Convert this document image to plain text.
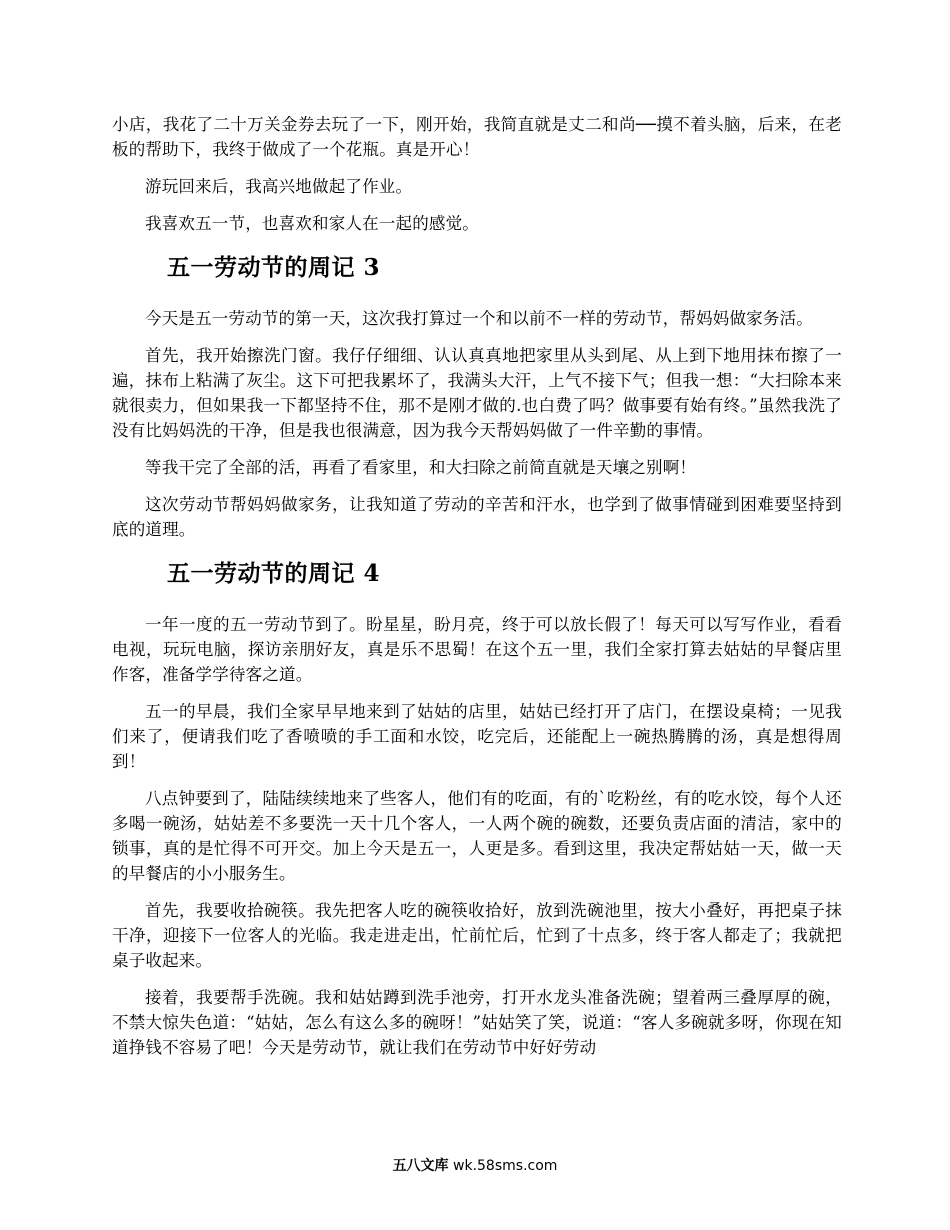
小店，我花了二十万关金券去玩了一下，刚开始，我简直就是丈二和尚──摸不着头脑，后来，在老板的帮助下，我终于做成了一个花瓶。真是开心！

游玩回来后，我高兴地做起了作业。

我喜欢五一节，也喜欢和家人在一起的感觉。

五一劳动节的周记 3

今天是五一劳动节的第一天，这次我打算过一个和以前不一样的劳动节，帮妈妈做家务活。

首先，我开始擦洗门窗。我仔仔细细、认认真真地把家里从头到尾、从上到下地用抹布擦了一遍，抹布上粘满了灰尘。这下可把我累坏了，我满头大汗，上气不接下气；但我一想：“大扫除本来就很卖力，但如果我一下都坚持不住，那不是刚才做的.也白费了吗？做事要有始有终。”虽然我洗了没有比妈妈洗的干净，但是我也很满意，因为我今天帮妈妈做了一件辛勤的事情。

等我干完了全部的活，再看了看家里，和大扫除之前简直就是天壤之别啊！

这次劳动节帮妈妈做家务，让我知道了劳动的辛苦和汗水，也学到了做事情碰到困难要坚持到底的道理。

五一劳动节的周记 4

一年一度的五一劳动节到了。盼星星，盼月亮，终于可以放长假了！每天可以写写作业，看看电视，玩玩电脑，探访亲朋好友，真是乐不思蜀！在这个五一里，我们全家打算去姑姑的早餐店里作客，准备学学待客之道。

五一的早晨，我们全家早早地来到了姑姑的店里，姑姑已经打开了店门，在摆设桌椅；一见我们来了，便请我们吃了香喷喷的手工面和水饺，吃完后，还能配上一碗热腾腾的汤，真是想得周到！

八点钟要到了，陆陆续续地来了些客人，他们有的吃面，有的`吃粉丝，有的吃水饺，每个人还多喝一碗汤，姑姑差不多要洗一天十几个客人，一人两个碗的碗数，还要负责店面的清洁，家中的锁事，真的是忙得不可开交。加上今天是五一，人更是多。看到这里，我决定帮姑姑一天，做一天的早餐店的小小服务生。

首先，我要收拾碗筷。我先把客人吃的碗筷收拾好，放到洗碗池里，按大小叠好，再把桌子抹干净，迎接下一位客人的光临。我走进走出，忙前忙后，忙到了十点多，终于客人都走了；我就把桌子收起来。

接着，我要帮手洗碗。我和姑姑蹲到洗手池旁，打开水龙头准备洗碗；望着两三叠厚厚的碗，不禁大惊失色道：“姑姑，怎么有这么多的碗呀！”姑姑笑了笑，说道：“客人多碗就多呀，你现在知道挣钱不容易了吧！今天是劳动节，就让我们在劳动节中好好劳动

五八文库 wk.58sms.com
